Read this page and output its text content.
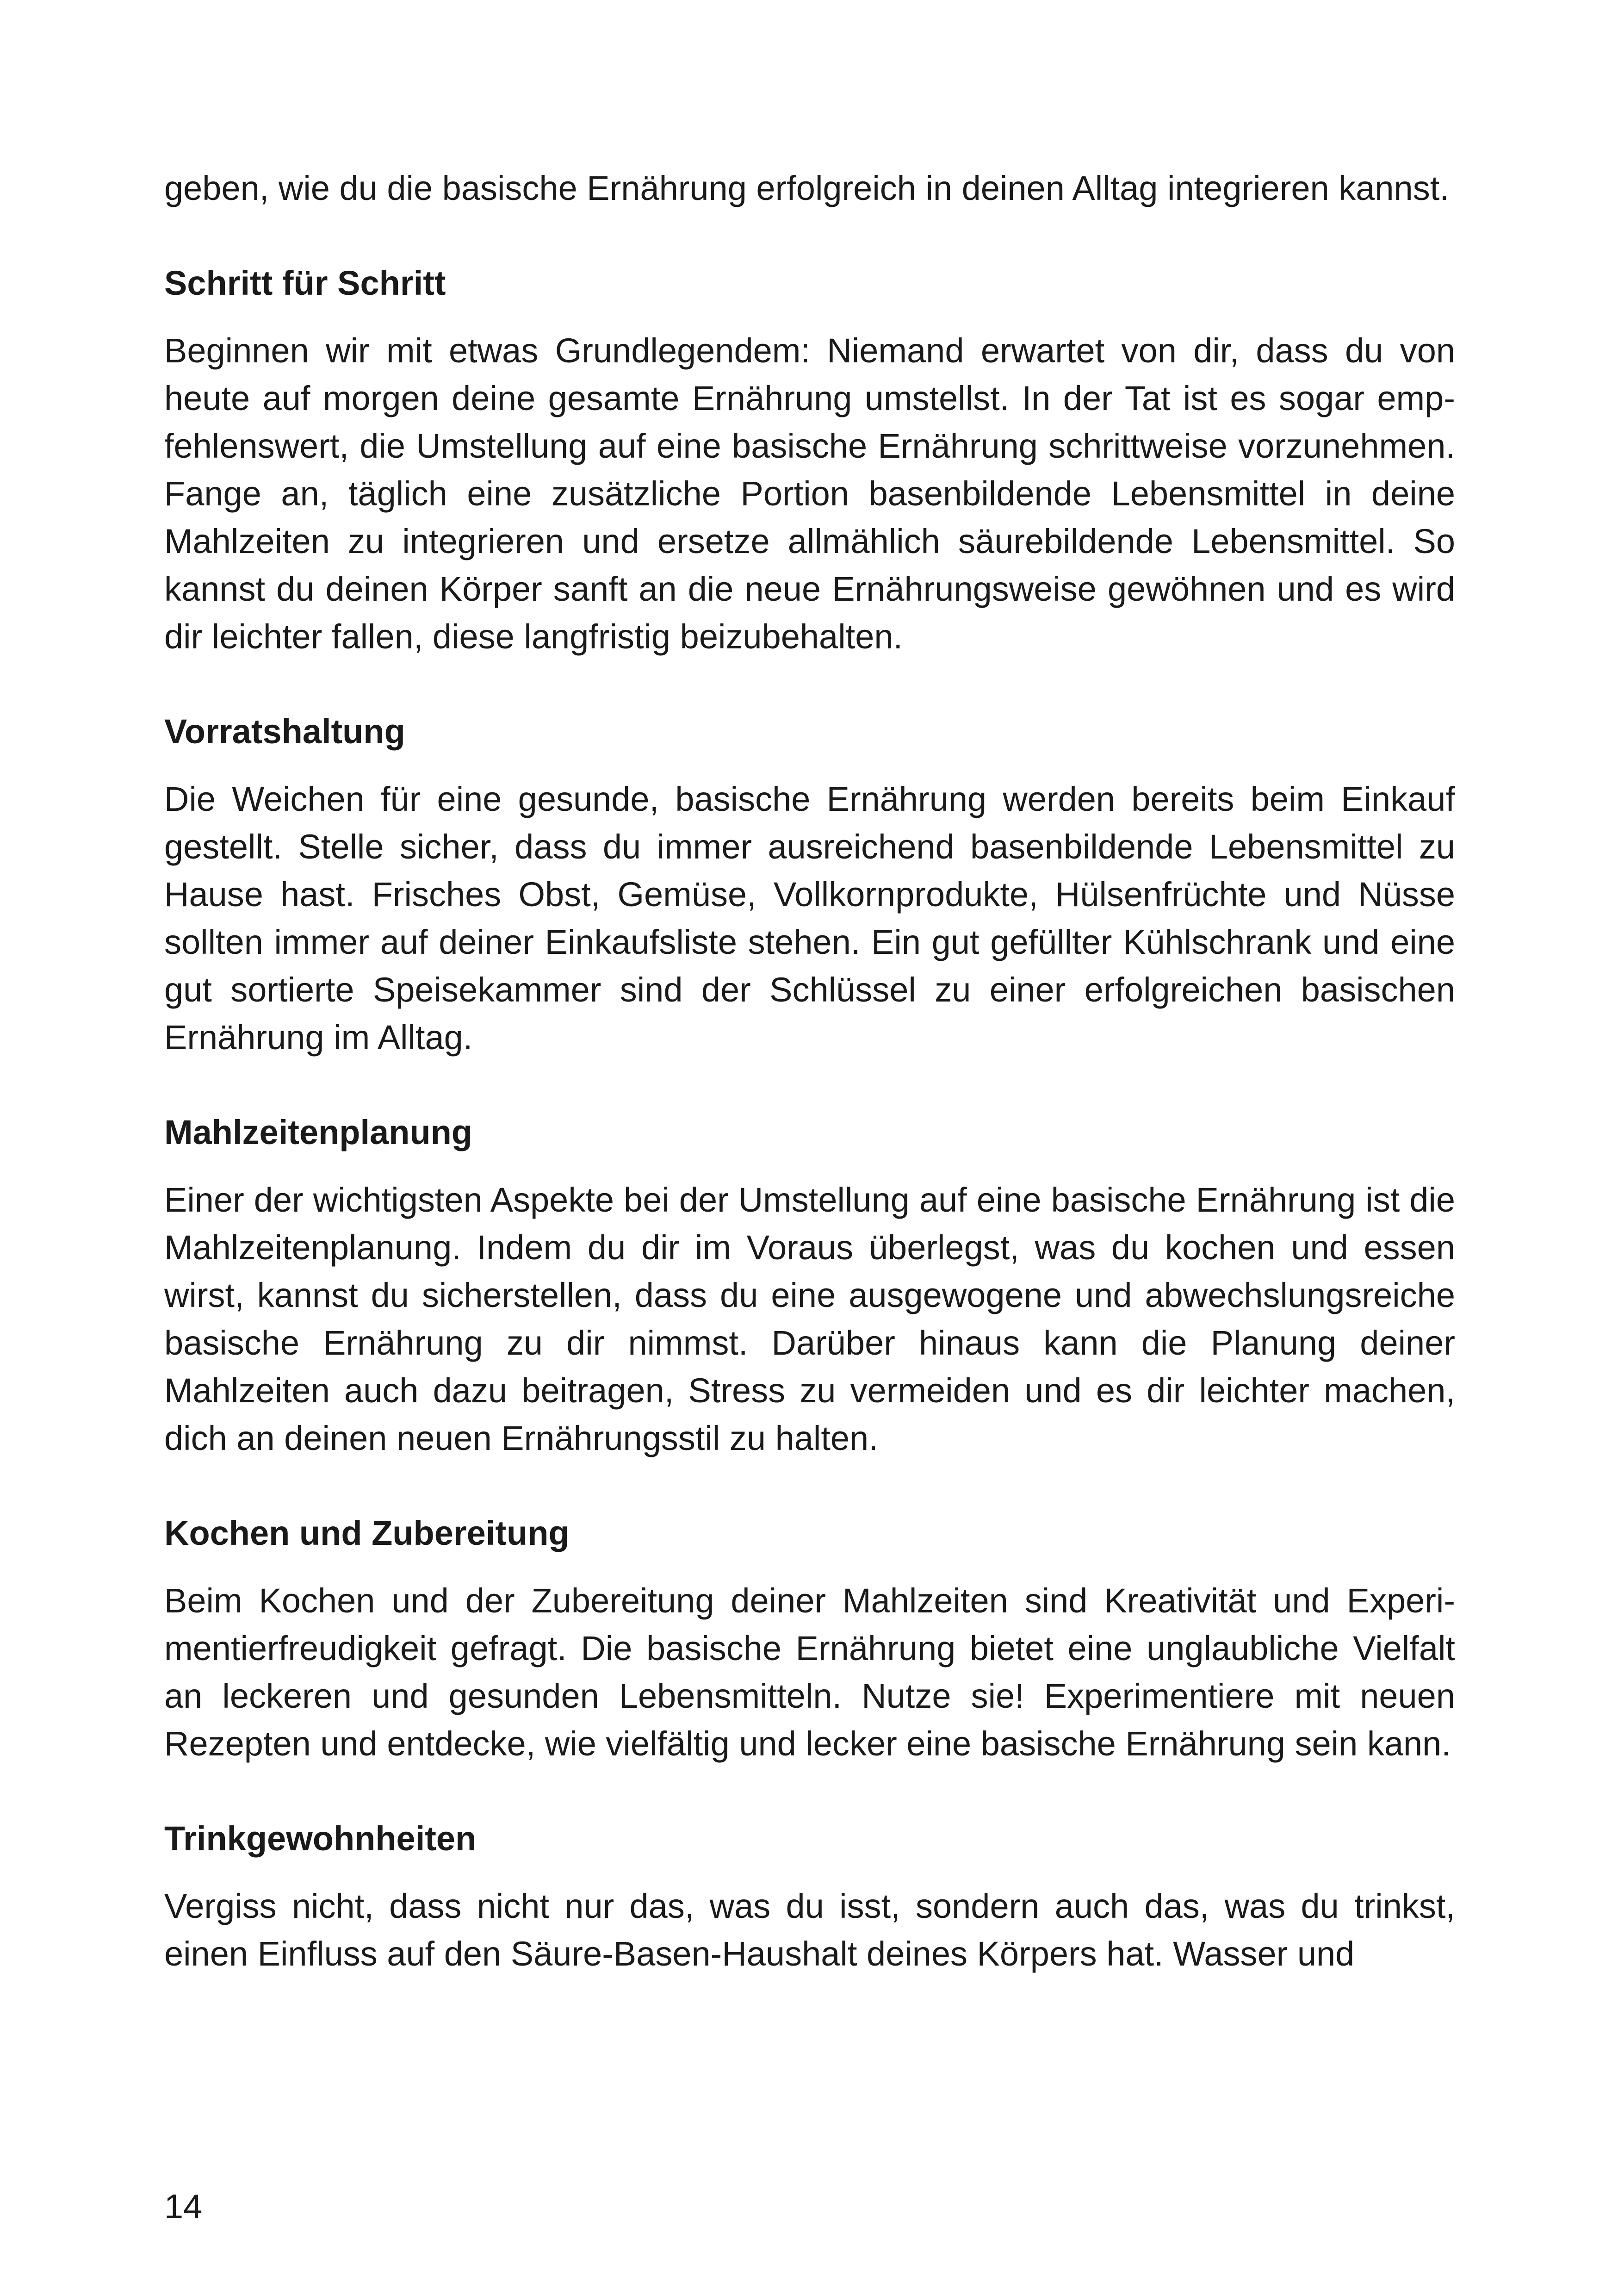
geben, wie du die basische Ernährung erfolgreich in deinen Alltag integrieren kannst.

Schritt für Schritt

Beginnen wir mit etwas Grundlegendem: Niemand erwartet von dir, dass du von heute auf morgen deine gesamte Ernährung umstellst. In der Tat ist es sogar empfehlenswert, die Umstellung auf eine basische Ernährung schrittweise vorzunehmen. Fange an, täglich eine zusätzliche Portion basenbildende Lebensmittel in deine Mahlzeiten zu integrieren und ersetze allmählich säurebildende Lebensmittel. So kannst du deinen Körper sanft an die neue Ernährungsweise gewöhnen und es wird dir leichter fallen, diese langfristig beizubehalten.

Vorratshaltung

Die Weichen für eine gesunde, basische Ernährung werden bereits beim Einkauf gestellt. Stelle sicher, dass du immer ausreichend basenbildende Lebensmittel zu Hause hast. Frisches Obst, Gemüse, Vollkornprodukte, Hülsenfrüchte und Nüsse sollten immer auf deiner Einkaufsliste stehen. Ein gut gefüllter Kühlschrank und eine gut sortierte Speisekammer sind der Schlüssel zu einer erfolgreichen basischen Ernährung im Alltag.

Mahlzeitenplanung

Einer der wichtigsten Aspekte bei der Umstellung auf eine basische Ernährung ist die Mahlzeitenplanung. Indem du dir im Voraus überlegst, was du kochen und essen wirst, kannst du sicherstellen, dass du eine ausgewogene und abwechslungsreiche basische Ernährung zu dir nimmst. Darüber hinaus kann die Planung deiner Mahlzeiten auch dazu beitragen, Stress zu vermeiden und es dir leichter machen, dich an deinen neuen Ernährungsstil zu halten.

Kochen und Zubereitung

Beim Kochen und der Zubereitung deiner Mahlzeiten sind Kreativität und Experimentierfreudigkeit gefragt. Die basische Ernährung bietet eine unglaubliche Vielfalt an leckeren und gesunden Lebensmitteln. Nutze sie! Experimentiere mit neuen Rezepten und entdecke, wie vielfältig und lecker eine basische Ernährung sein kann.

Trinkgewohnheiten

Vergiss nicht, dass nicht nur das, was du isst, sondern auch das, was du trinkst, einen Einfluss auf den Säure-Basen-Haushalt deines Körpers hat. Wasser und

14
